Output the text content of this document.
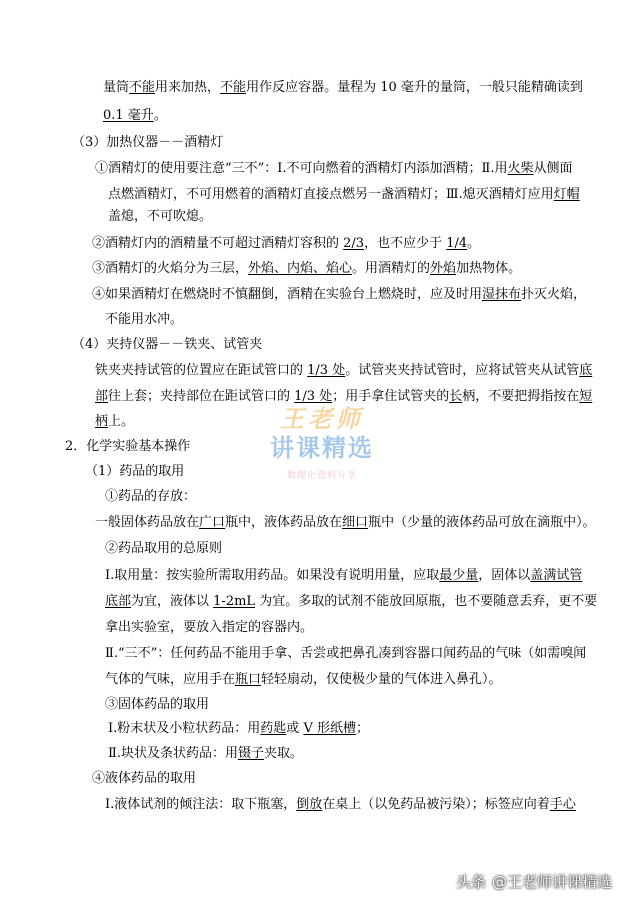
量筒不能用来加热，不能用作反应容器。量程为 10 毫升的量筒，一般只能精确读到
0.1 毫升。
（3）加热仪器－－酒精灯
①酒精灯的使用要注意“三不”：Ⅰ.不可向燃着的酒精灯内添加酒精；Ⅱ.用火柴从侧面
点燃酒精灯，不可用燃着的酒精灯直接点燃另一盏酒精灯；Ⅲ.熄灭酒精灯应用灯帽
盖熄，不可吹熄。
②酒精灯内的酒精量不可超过酒精灯容积的 2/3，也不应少于 1/4。
③酒精灯的火焰分为三层，外焰、内焰、焰心。用酒精灯的外焰加热物体。
④如果酒精灯在燃烧时不慎翻倒，酒精在实验台上燃烧时，应及时用湿抹布扑灭火焰，
不能用水冲。
（4）夹持仪器－－铁夹、试管夹
铁夹夹持试管的位置应在距试管口的 1/3 处。试管夹夹持试管时，应将试管夹从试管底
部往上套；夹持部位在距试管口的 1/3 处；用手拿住试管夹的长柄，不要把拇指按在短
柄上。
2．化学实验基本操作
（1）药品的取用
①药品的存放：
一般固体药品放在广口瓶中，液体药品放在细口瓶中（少量的液体药品可放在滴瓶中）。
②药品取用的总原则
Ⅰ.取用量：按实验所需取用药品。如果没有说明用量，应取最少量，固体以盖满试管
底部为宜，液体以 1-2mL 为宜。多取的试剂不能放回原瓶，也不要随意丢弃，更不要
拿出实验室，要放入指定的容器内。
Ⅱ.“三不”：任何药品不能用手拿、舌尝或把鼻孔凑到容器口闻药品的气味（如需嗅闻
气体的气味，应用手在瓶口轻轻扇动，仅使极少量的气体进入鼻孔）。
③固体药品的取用
Ⅰ.粉末状及小粒状药品：用药匙或 V 形纸槽；
Ⅱ.块状及条状药品：用镊子夹取。
④液体药品的取用
Ⅰ.液体试剂的倾注法：取下瓶塞，倒放在桌上（以免药品被污染）；标签应向着手心
王老师
讲课精选
数理化资料分享
头条 @王老师讲课精选
